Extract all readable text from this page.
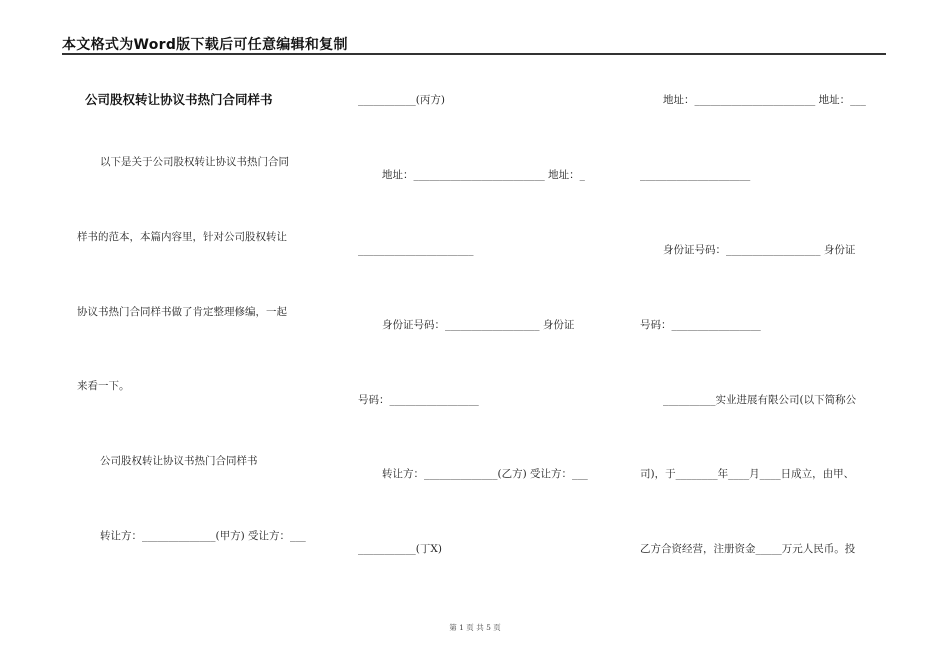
本文格式为Word版下载后可任意编辑和复制
公司股权转让协议书热门合同样书
以下是关于公司股权转让协议书热门合同
样书的范本，本篇内容里，针对公司股权转让
协议书热门合同样书做了肯定整理修编，一起
来看一下。
公司股权转让协议书热门合同样书
转让方：______________(甲方) 受让方：___
___________(丙方)
地址：_________________________ 地址：_
______________________
身份证号码：__________________ 身份证
号码：_________________
转让方：______________(乙方) 受让方：___
___________(丁X)
地址：_______________________ 地址：___
_____________________
身份证号码：__________________ 身份证
号码：_________________
__________实业进展有限公司(以下简称公
司)，于________年____月____日成立，由甲、
乙方合资经营，注册资金_____万元人民币。投
第 1 页 共 5 页
